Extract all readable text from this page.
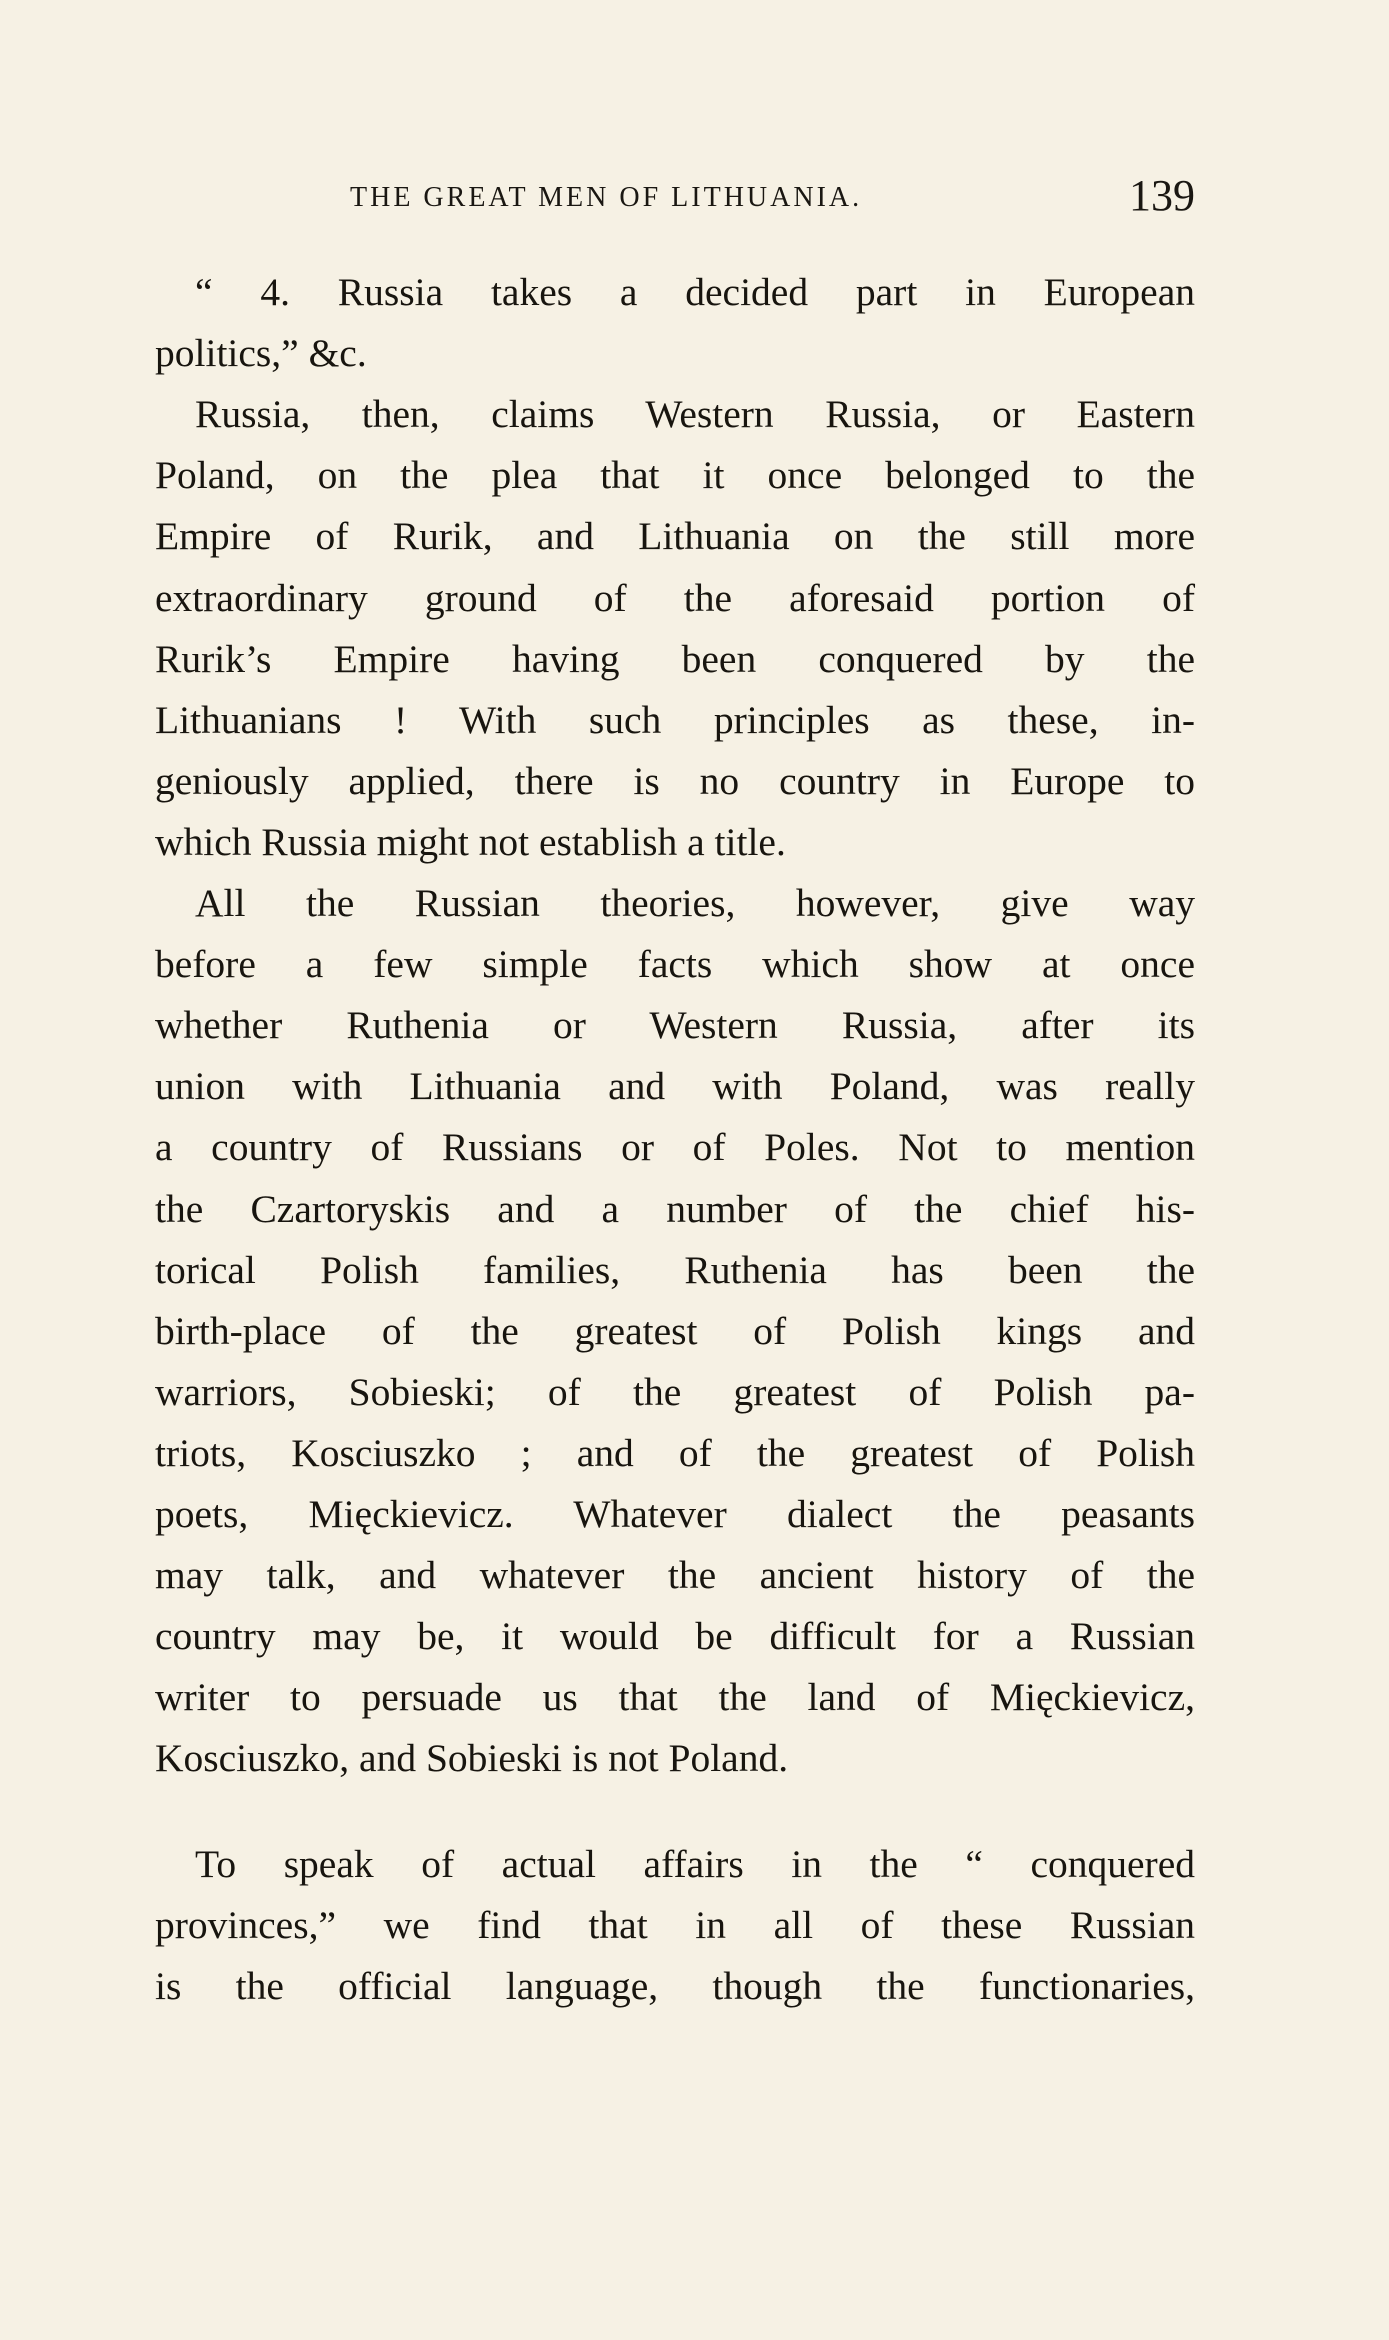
THE GREAT MEN OF LITHUANIA.	139
“ 4. Russia takes a decided part in European
politics,” &c.
Russia, then, claims Western Russia, or Eastern
Poland, on the plea that it once belonged to the
Empire of Rurik, and Lithuania on the still more
extraordinary ground of the aforesaid portion of
Rurik’s Empire having been conquered by the
Lithuanians ! With such principles as these, in-
geniously applied, there is no country in Europe to
which Russia might not establish a title.
All the Russian theories, however, give way
before a few simple facts which show at once
whether Ruthenia or Western Russia, after its
union with Lithuania and with Poland, was really
a country of Russians or of Poles. Not to mention
the Czartoryskis and a number of the chief his-
torical Polish families, Ruthenia has been the
birth-place of the greatest of Polish kings and
warriors, Sobieski; of the greatest of Polish pa-
triots, Kosciuszko ; and of the greatest of Polish
poets, Mięckievicz. Whatever dialect the peasants
may talk, and whatever the ancient history of the
country may be, it would be difficult for a Russian
writer to persuade us that the land of Mięckievicz,
Kosciuszko, and Sobieski is not Poland.
To speak of actual affairs in the “ conquered
provinces,” we find that in all of these Russian
is the official language, though the functionaries,
